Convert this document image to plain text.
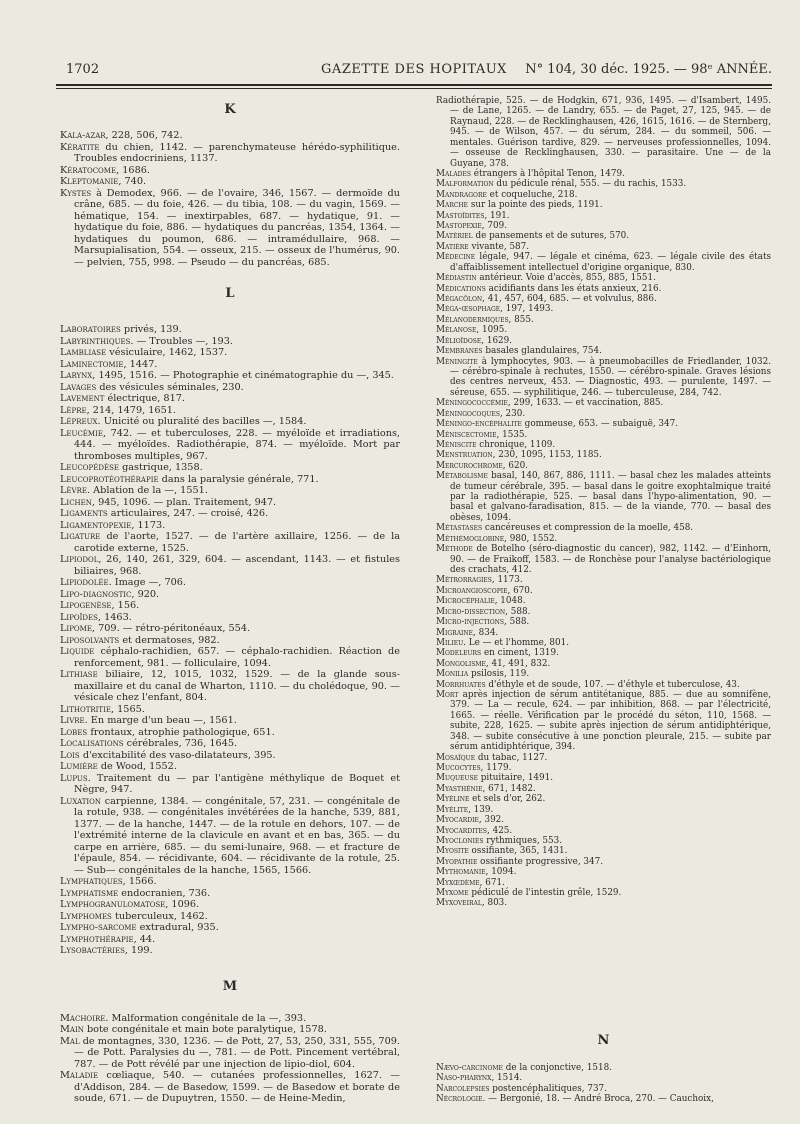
1702	GAZETTE DES HOPITAUX	N° 104, 30 déc. 1925. — 98ᵉ ANNÉE.
K
Kala-azar, 228, 506, 742.
Kératite du chien, 1142. — parenchymateuse hérédo-syphilitique. Troubles endocriniens, 1137.
Kératocome, 1686.
Kleptomanie, 740.
Kystes à Demodex, 966. — de l'ovaire, 346, 1567. — dermoïde du crâne, 685. — du foie, 426. — du tibia, 108. — du vagin, 1569. — hématique, 154. — inextirpables, 687. — hydatique, 91. — hydatique du foie, 886. — hydatiques du pancréas, 1354, 1364. — hydatiques du poumon, 686. — intramédullaire, 968. — Marsupialisation, 554. — osseux, 215. — osseux de l'humérus, 90. — pelvien, 755, 998. — Pseudo — du pancréas, 685.
L
Laboratoires privés, 139.
Labyrinthiques. — Troubles —, 193.
Lambliase vésiculaire, 1462, 1537.
Laminectomie, 1447.
Larynx, 1495, 1516. — Photographie et cinématographie du —, 345.
Lavages des vésicules séminales, 230.
Lavement électrique, 817.
Lèpre, 214, 1479, 1651.
Lépreux. Unicité ou pluralité des bacilles —, 1584.
Leucémie, 742. — et tuberculoses, 228. — myéloïde et irradiations, 444. — myéloïdes. Radiothérapie, 874. — myéloïde. Mort par thromboses multiples, 967.
Leucopédèse gastrique, 1358.
Leucoprotéothérapie dans la paralysie générale, 771.
Lèvre. Ablation de la —, 1551.
Lichen, 945, 1096. — plan. Traitement, 947.
Ligaments articulaires, 247. — croisé, 426.
Ligamentopexie, 1173.
Ligature de l'aorte, 1527. — de l'artère axillaire, 1256. — de la carotide externe, 1525.
Lipiodol, 26, 140, 261, 329, 604. — ascendant, 1143. — et fistules biliaires, 968.
Lipiodolée. Image —, 706.
Lipo-diagnostic, 920.
Lipogenèse, 156.
Lipoïdes, 1463.
Lipome, 709. — rétro-péritonéaux, 554.
Liposolvants et dermatoses, 982.
Liquide céphalo-rachidien, 657. — céphalo-rachidien. Réaction de renforcement, 981. — folliculaire, 1094.
Lithiase biliaire, 12, 1015, 1032, 1529. — de la glande sous-maxillaire et du canal de Wharton, 1110. — du cholédoque, 90. — vésicale chez l'enfant, 804.
Lithotritie, 1565.
Livre. En marge d'un beau —, 1561.
Lobes frontaux, atrophie pathologique, 651.
Localisations cérébrales, 736, 1645.
Lois d'excitabilité des vaso-dilatateurs, 395.
Lumière de Wood, 1552.
Lupus. Traitement du — par l'antigène méthylique de Boquet et Nègre, 947.
Luxation carpienne, 1384. — congénitale, 57, 231. — congénitale de la rotule, 938. — congénitales invétérées de la hanche, 539, 881, 1377. — de la hanche, 1447. — de la rotule en dehors, 107. — de l'extrémité interne de la clavicule en avant et en bas, 365. — du carpe en arrière, 685. — du semi-lunaire, 968. — et fracture de l'épaule, 854. — récidivante, 604. — récidivante de la rotule, 25. — Sub— congénitales de la hanche, 1565, 1566.
Lymphatiques, 1566.
Lymphatisme endocranien, 736.
Lymphogranulomatose, 1096.
Lymphomes tuberculeux, 1462.
Lympho-sarcome extradural, 935.
Lymphothérapie, 44.
Lysobactéries, 199.
M
Machoire. Malformation congénitale de la —, 393.
Main bote congénitale et main bote paralytique, 1578.
Mal de montagnes, 330, 1236. — de Pott, 27, 53, 250, 331, 555, 709. — de Pott. Paralysies du —, 781. — de Pott. Pincement vertébral, 787. — de Pott révélé par une injection de lipio-diol, 604.
Maladie cœliaque, 540. — cutanées professionnelles, 1627. — d'Addison, 284. — de Basedow, 1599. — de Basedow et borate de soude, 671. — de Dupuytren, 1550. — de Heine-Medin,
Radiothérapie, 525. — de Hodgkin, 671, 936, 1495. — d'Isambert, 1495. — de Lane, 1265. — de Landry, 655. — de Paget, 27, 125, 945. — de Raynaud, 228. — de Recklinghausen, 426, 1615, 1616. — de Sternberg, 945. — de Wilson, 457. — du sérum, 284. — du sommeil, 506. — mentales. Guérison tardive, 829. — nerveuses professionnelles, 1094. — osseuse de Recklinghausen, 330. — parasitaire. Une — de la Guyane, 378.
Malades étrangers à l'hôpital Tenon, 1479.
Malformation du pédicule rénal, 555. — du rachis, 1533.
Mandragore et coqueluche, 218.
Marche sur la pointe des pieds, 1191.
Mastoïdites, 191.
Mastopexie, 709.
Matériel de pansements et de sutures, 570.
Matière vivante, 587.
Médecine légale, 947. — légale et cinéma, 623. — légale civile des états d'affaiblissement intellectuel d'origine organique, 830.
Médiastin antérieur. Voie d'accès, 855, 885, 1551.
Médications acidifiants dans les états anxieux, 216.
Mégacôlon, 41, 457, 604, 685. — et volvulus, 886.
Méga-œsophage, 197, 1493.
Mélanodermiques, 855.
Mélanose, 1095.
Mélioïdose, 1629.
Membranes basales glandulaires, 754.
Méningite à lymphocytes, 903. — à pneumobacilles de Friedlander, 1032. — cérébro-spinale à rechutes, 1550. — cérébro-spinale. Graves lésions des centres nerveux, 453. — Diagnostic, 493. — purulente, 1497. — séreuse, 655. — syphilitique, 246. — tuberculeuse, 284, 742.
Méningococcémie, 299, 1633. — et vaccination, 885.
Méningocoques, 230.
Méningo-encéphalite gommeuse, 653. — subaiguë, 347.
Méniscectomie, 1535.
Méniscite chronique, 1109.
Menstruation, 230, 1095, 1153, 1185.
Mercurochrome, 620.
Métabolisme basal, 140, 867, 886, 1111. — basal chez les malades atteints de tumeur cérébrale, 395. — basal dans le goitre exophtalmique traité par la radiothérapie, 525. — basal dans l'hypo-alimentation, 90. — basal et galvano-faradisation, 815. — de la viande, 770. — basal des obèses, 1094.
Métastases cancéreuses et compression de la moelle, 458.
Méthémoglobine, 980, 1552.
Méthode de Botelho (séro-diagnostic du cancer), 982, 1142. — d'Einhorn, 90. — de Fraikoff, 1583. — de Ronchèse pour l'analyse bactériologique des crachats, 412.
Métrorragies, 1173.
Microangioscopie, 670.
Microcéphalie, 1048.
Micro-dissection, 588.
Micro-injections, 588.
Migraine, 834.
Milieu. Le — et l'homme, 801.
Modeleurs en ciment, 1319.
Mongolisme, 41, 491, 832.
Monilia psilosis, 119.
Morrhuates d'éthyle et de soude, 107. — d'éthyle et tuberculose, 43.
Mort après injection de sérum antitétanique, 885. — due au somnifène, 379. — La — recule, 624. — par inhibition, 868. — par l'électricité, 1665. — réelle. Vérification par le procédé du séton, 110, 1568. — subite, 228, 1625. — subite après injection de sérum antidiphtérique, 348. — subite consécutive à une ponction pleurale, 215. — subite par sérum antidiphtérique, 394.
Mosaïque du tabac, 1127.
Mucocytes, 1179.
Muqueuse pituitaire, 1491.
Myasthénie, 671, 1482.
Myéline et sels d'or, 262.
Myélite, 139.
Myocardie, 392.
Myocardites, 425.
Myoclonies rythmiques, 553.
Myosite ossifiante, 365, 1431.
Myopathie ossifiante progressive, 347.
Mythomanie, 1094.
Myxœdème, 671.
Myxome pédiculé de l'intestin grêle, 1529.
Myxoveiral, 803.
N
Nævo-carcinome de la conjonctive, 1518.
Naso-pharynx, 1514.
Narcolepsies postencéphalitiques, 737.
Nécrologie. — Bergonié, 18. — André Broca, 270. — Cauchoix,
